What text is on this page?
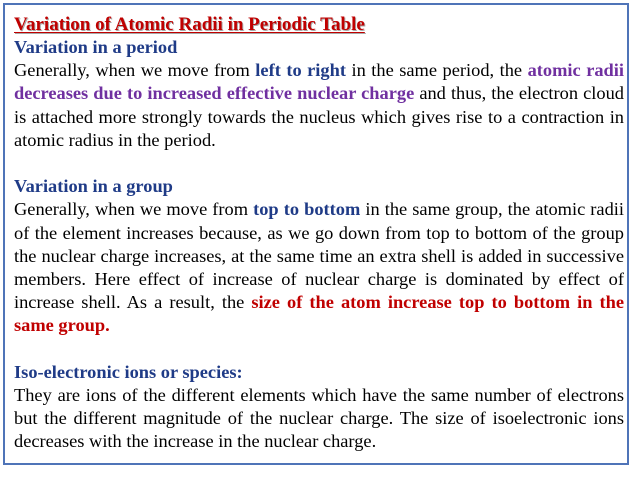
Variation of Atomic Radii in Periodic Table

Variation in a period

Generally, when we move from left to right in the same period, the atomic radii decreases due to increased effective nuclear charge and thus, the electron cloud is attached more strongly towards the nucleus which gives rise to a contraction in atomic radius in the period.

Variation in a group

Generally, when we move from top to bottom in the same group, the atomic radii of the element increases because, as we go down from top to bottom of the group the nuclear charge increases, at the same time an extra shell is added in successive members. Here effect of increase of nuclear charge is dominated by effect of increase shell. As a result, the size of the atom increase top to bottom in the same group.

Iso-electronic ions or species:

They are ions of the different elements which have the same number of electrons but the different magnitude of the nuclear charge. The size of isoelectronic ions decreases with the increase in the nuclear charge.
